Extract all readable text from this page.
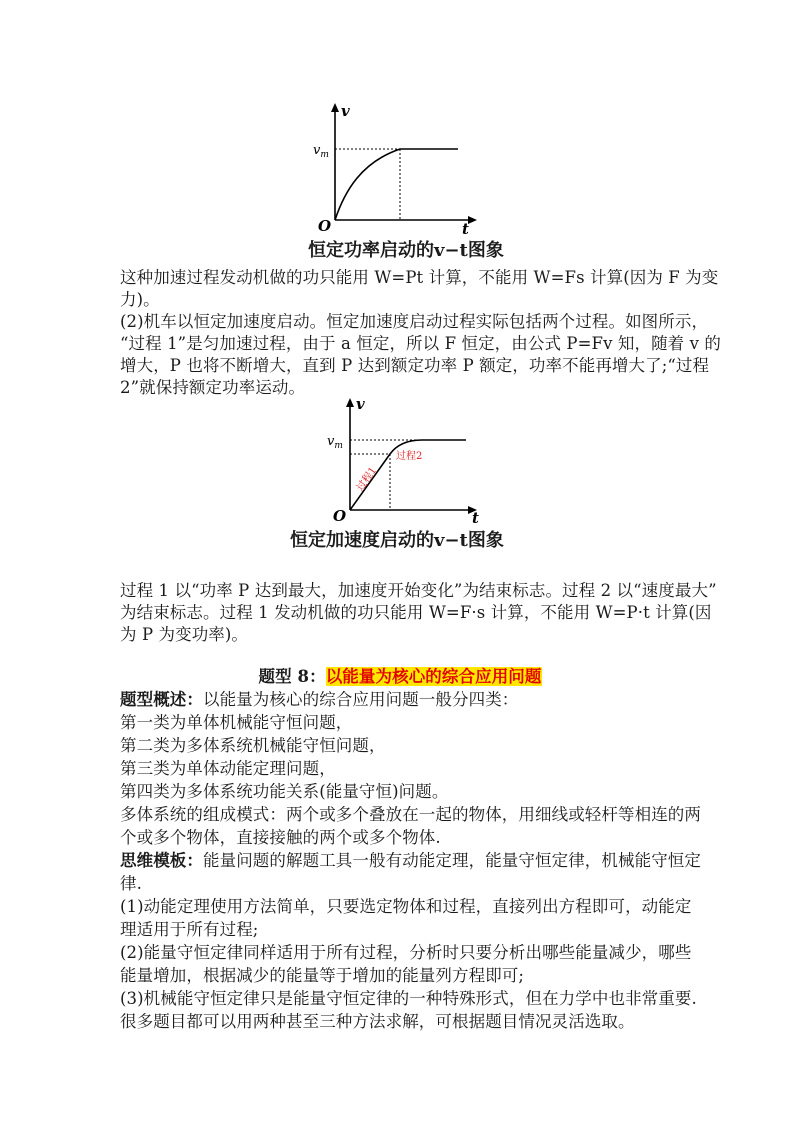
v
t
O
$v_m$
恒定功率启动的v−t图象
这种加速过程发动机做的功只能用 W=Pt 计算，不能用 W=Fs 计算(因为 F 为变
力)。
(2)机车以恒定加速度启动。恒定加速度启动过程实际包括两个过程。如图所示，
“过程 1”是匀加速过程，由于 a 恒定，所以 F 恒定，由公式 P=Fv 知，随着 v 的
增大，P 也将不断增大，直到 P 达到额定功率 P 额定，功率不能再增大了;“过程
2”就保持额定功率运动。
过程1
过程2
v
t
O
$v_m$
恒定加速度启动的v−t图象
过程 1 以“功率 P 达到最大，加速度开始变化”为结束标志。过程 2 以“速度最大”
为结束标志。过程 1 发动机做的功只能用 W=F·s 计算，不能用 W=P·t 计算(因
为 P 为变功率)。
题型 8：以能量为核心的综合应用问题
题型概述：以能量为核心的综合应用问题一般分四类：
第一类为单体机械能守恒问题，
第二类为多体系统机械能守恒问题，
第三类为单体动能定理问题，
第四类为多体系统功能关系(能量守恒)问题。
多体系统的组成模式：两个或多个叠放在一起的物体，用细线或轻杆等相连的两
个或多个物体，直接接触的两个或多个物体.
思维模板：能量问题的解题工具一般有动能定理，能量守恒定律，机械能守恒定
律.
(1)动能定理使用方法简单，只要选定物体和过程，直接列出方程即可，动能定
理适用于所有过程;
(2)能量守恒定律同样适用于所有过程，分析时只要分析出哪些能量减少，哪些
能量增加，根据减少的能量等于增加的能量列方程即可;
(3)机械能守恒定律只是能量守恒定律的一种特殊形式，但在力学中也非常重要.
很多题目都可以用两种甚至三种方法求解，可根据题目情况灵活选取。
